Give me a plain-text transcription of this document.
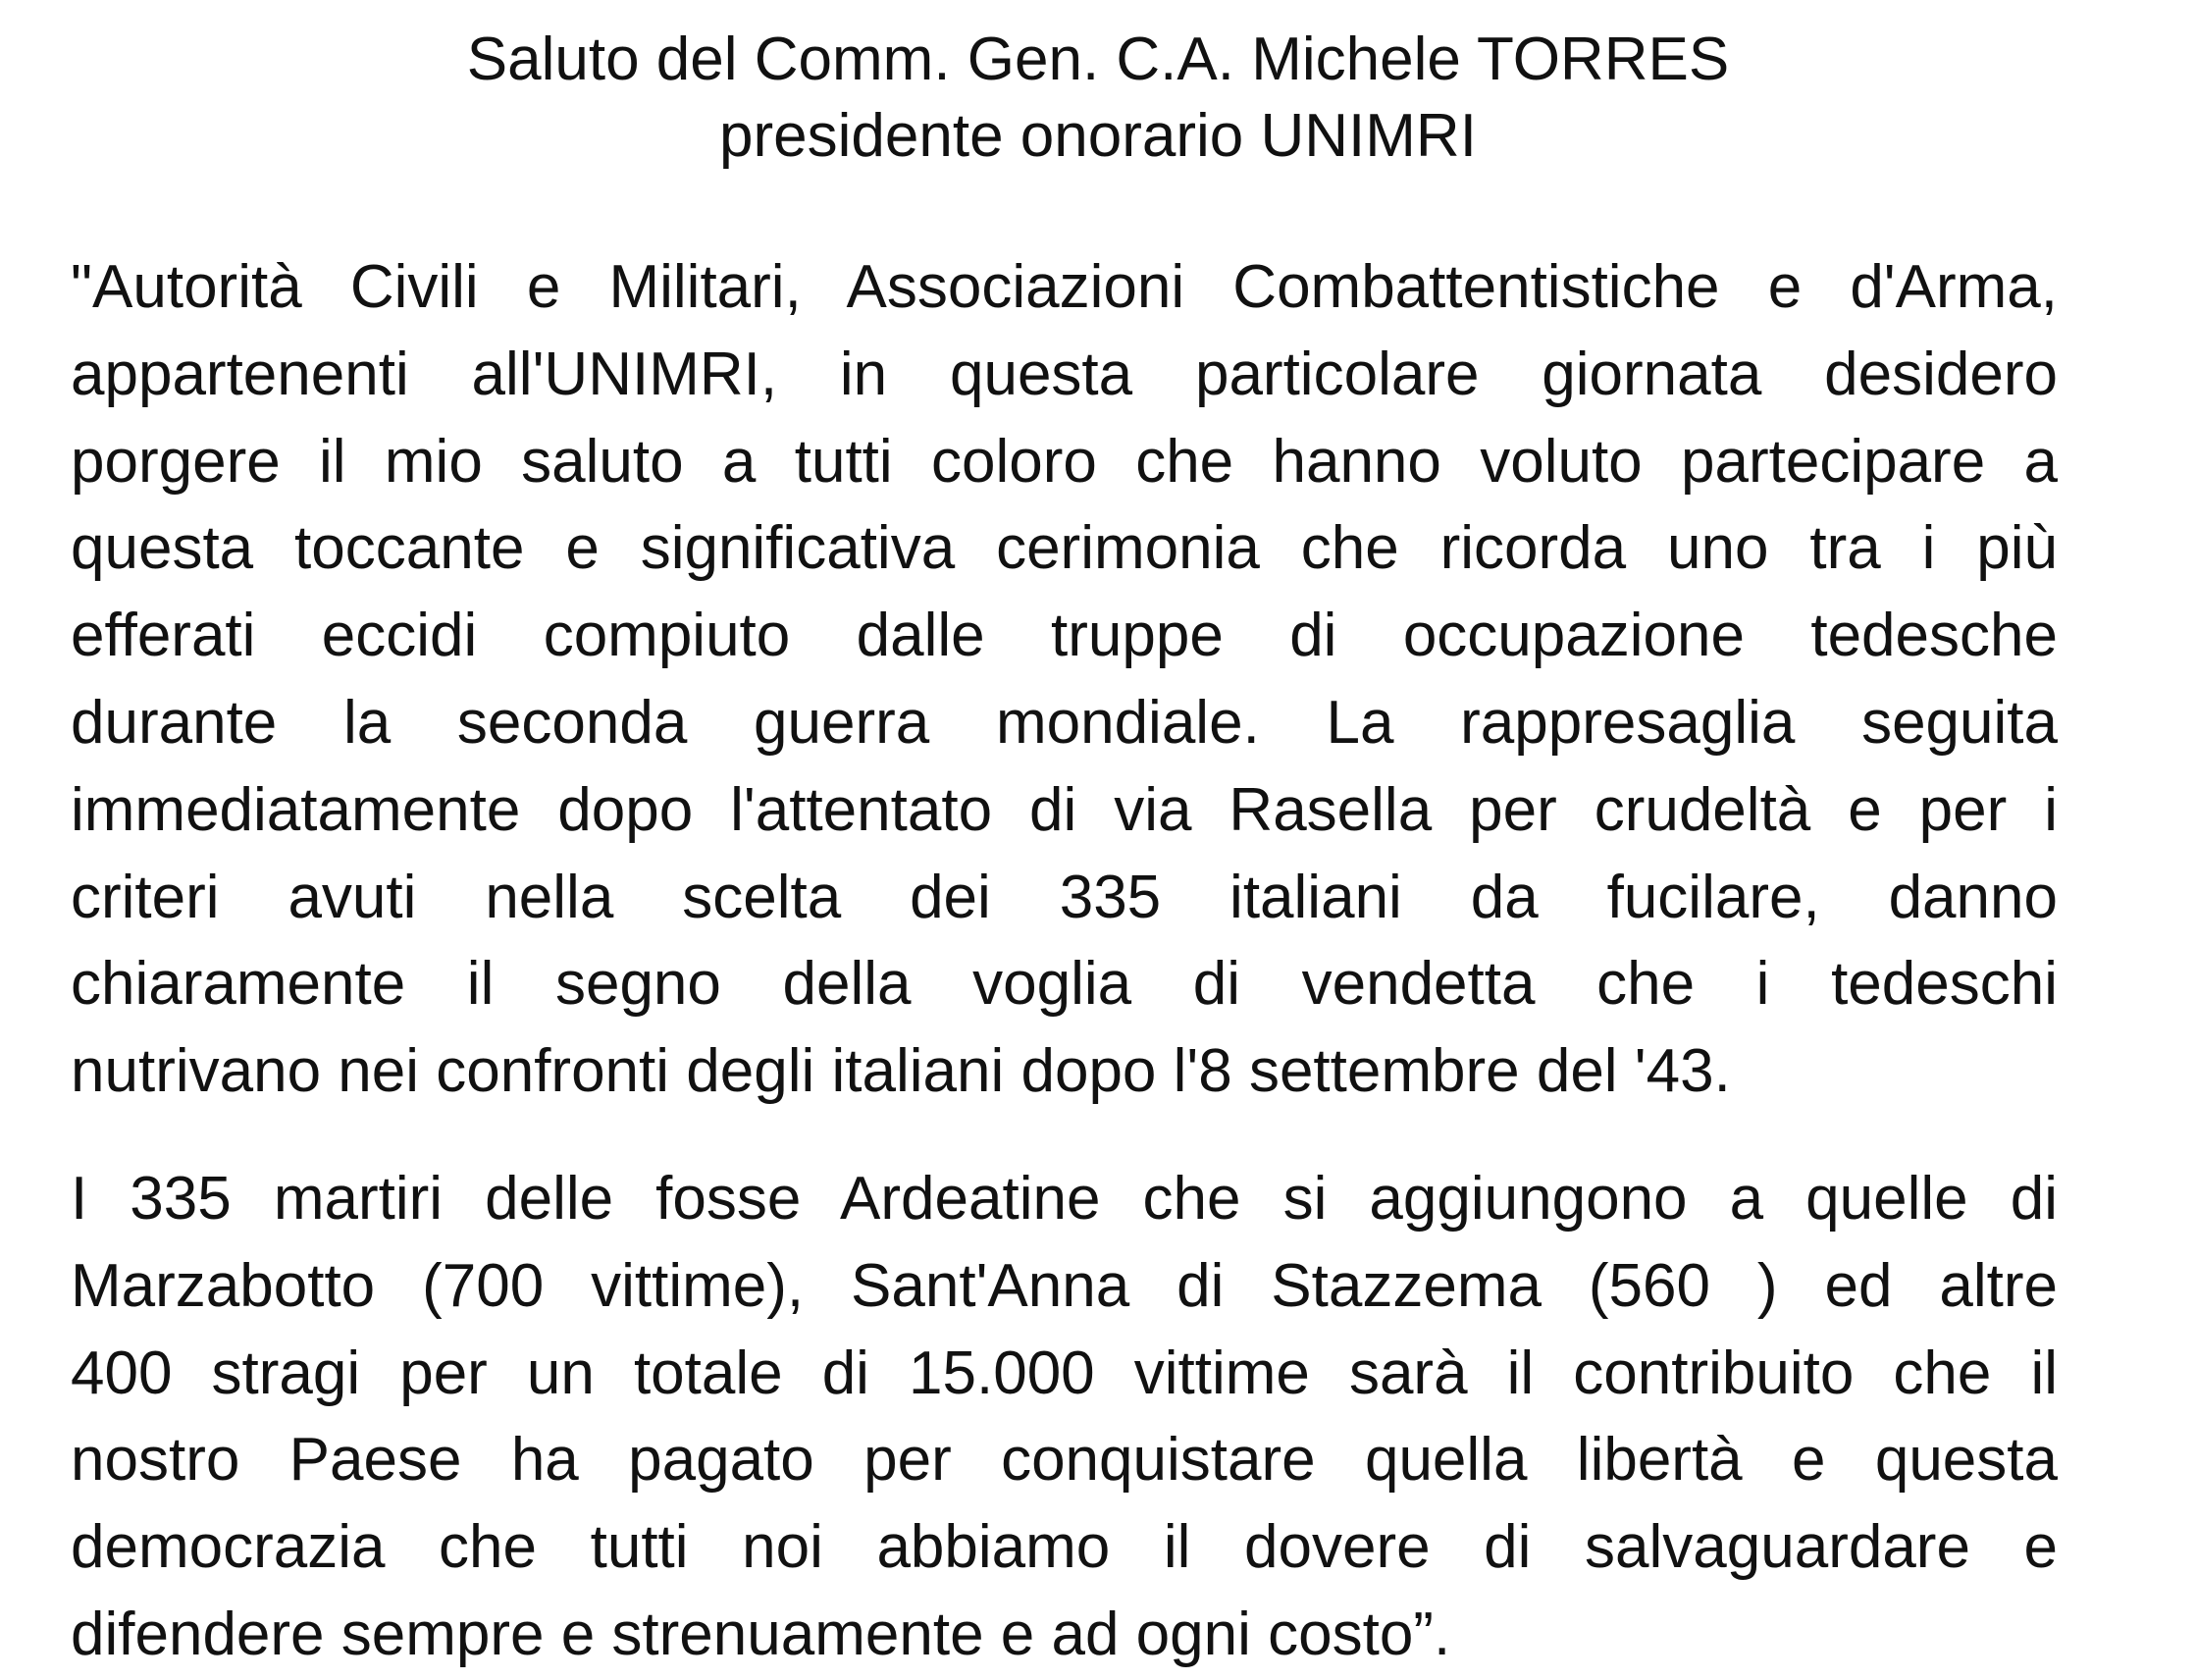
Saluto del Comm. Gen. C.A. Michele TORRES
presidente onorario UNIMRI

"Autorità Civili e Militari, Associazioni Combattentistiche e d'Arma,
appartenenti all'UNIMRI, in questa particolare giornata desidero
porgere il mio saluto a tutti coloro che hanno voluto partecipare a
questa toccante e significativa cerimonia che ricorda uno tra i più
efferati eccidi compiuto dalle truppe di occupazione tedesche
durante la seconda guerra mondiale. La rappresaglia seguita
immediatamente dopo l'attentato di via Rasella per crudeltà e per i
criteri avuti nella scelta dei 335 italiani da fucilare, danno
chiaramente il segno della voglia di vendetta che i tedeschi
nutrivano nei confronti degli italiani dopo l'8 settembre del '43.

I 335 martiri delle fosse Ardeatine che si aggiungono a quelle di
Marzabotto (700 vittime), Sant'Anna di Stazzema (560 ) ed altre
400 stragi per un totale di 15.000 vittime sarà il contribuito che il
nostro Paese ha pagato per conquistare quella libertà e questa
democrazia che tutti noi abbiamo il dovere di salvaguardare e
difendere sempre e strenuamente e ad ogni costo”.
